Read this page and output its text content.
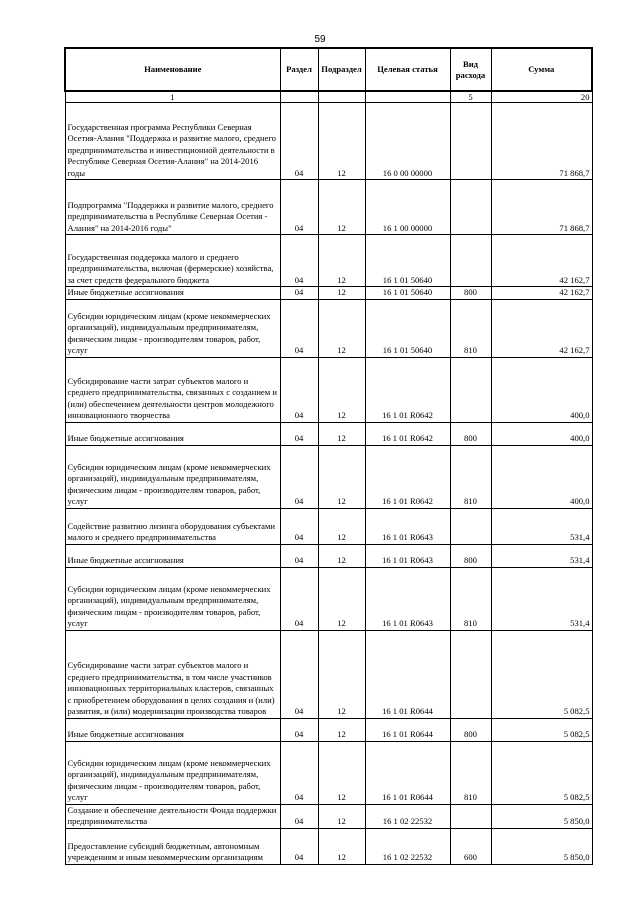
59
Наименование	Раздел	Подраздел	Целевая статья	Вид расхода	Сумма
1				5	20
Государственная программа Республики Северная Осетия-Алания "Поддержка и развитие малого, среднего предпринимательства и инвестиционной деятельности в Республике Северная Осетия-Алания" на 2014-2016 годы	04	12	16 0 00 00000		71 868,7
Подпрограмма "Поддержка и развитие малого, среднего предпринимательства в Республике Северная Осетия - Алания" на 2014-2016 годы"	04	12	16 1 00 00000		71 868,7
Государственная поддержка малого и среднего предпринимательства, включая (фермерские) хозяйства, за счет средств федерального бюджета	04	12	16 1 01 50640		42 162,7
Иные бюджетные ассигнования	04	12	16 1 01 50640	800	42 162,7
Субсидии юридическим лицам (кроме некоммерческих организаций), индивидуальным предпринимателям, физическим лицам - производителям товаров, работ, услуг	04	12	16 1 01 50640	810	42 162,7
Субсидирование части затрат субъектов малого и среднего предпринимательства, связанных с созданием и (или) обеспечением деятельности центров молодежного инновационного творчества	04	12	16 1 01 R0642		400,0
Иные бюджетные ассигнования	04	12	16 1 01 R0642	800	400,0
Субсидии юридическим лицам (кроме некоммерческих организаций), индивидуальным предпринимателям, физическим лицам - производителям товаров, работ, услуг	04	12	16 1 01 R0642	810	400,0
Содействие развитию лизинга оборудования субъектами малого и среднего предпринимательства	04	12	16 1 01 R0643		531,4
Иные бюджетные ассигнования	04	12	16 1 01 R0643	800	531,4
Субсидии юридическим лицам (кроме некоммерческих организаций), индивидуальным предпринимателям, физическим лицам - производителям товаров, работ, услуг	04	12	16 1 01 R0643	810	531,4
Субсидирование части затрат субъектов малого и среднего предпринимательства, в том числе участников инновационных территориальных кластеров, связанных с приобретением оборудования в целях создания и (или) развития, и (или) модернизации производства товаров	04	12	16 1 01 R0644		5 082,5
Иные бюджетные ассигнования	04	12	16 1 01 R0644	800	5 082,5
Субсидии юридическим лицам (кроме некоммерческих организаций), индивидуальным предпринимателям, физическим лицам - производителям товаров, работ, услуг	04	12	16 1 01 R0644	810	5 082,5
Создание и обеспечение деятельности Фонда поддержки предпринимательства	04	12	16 1 02 22532		5 850,0
Предоставление субсидий бюджетным, автономным учреждениям и иным некоммерческим организациям	04	12	16 1 02 22532	600	5 850,0
